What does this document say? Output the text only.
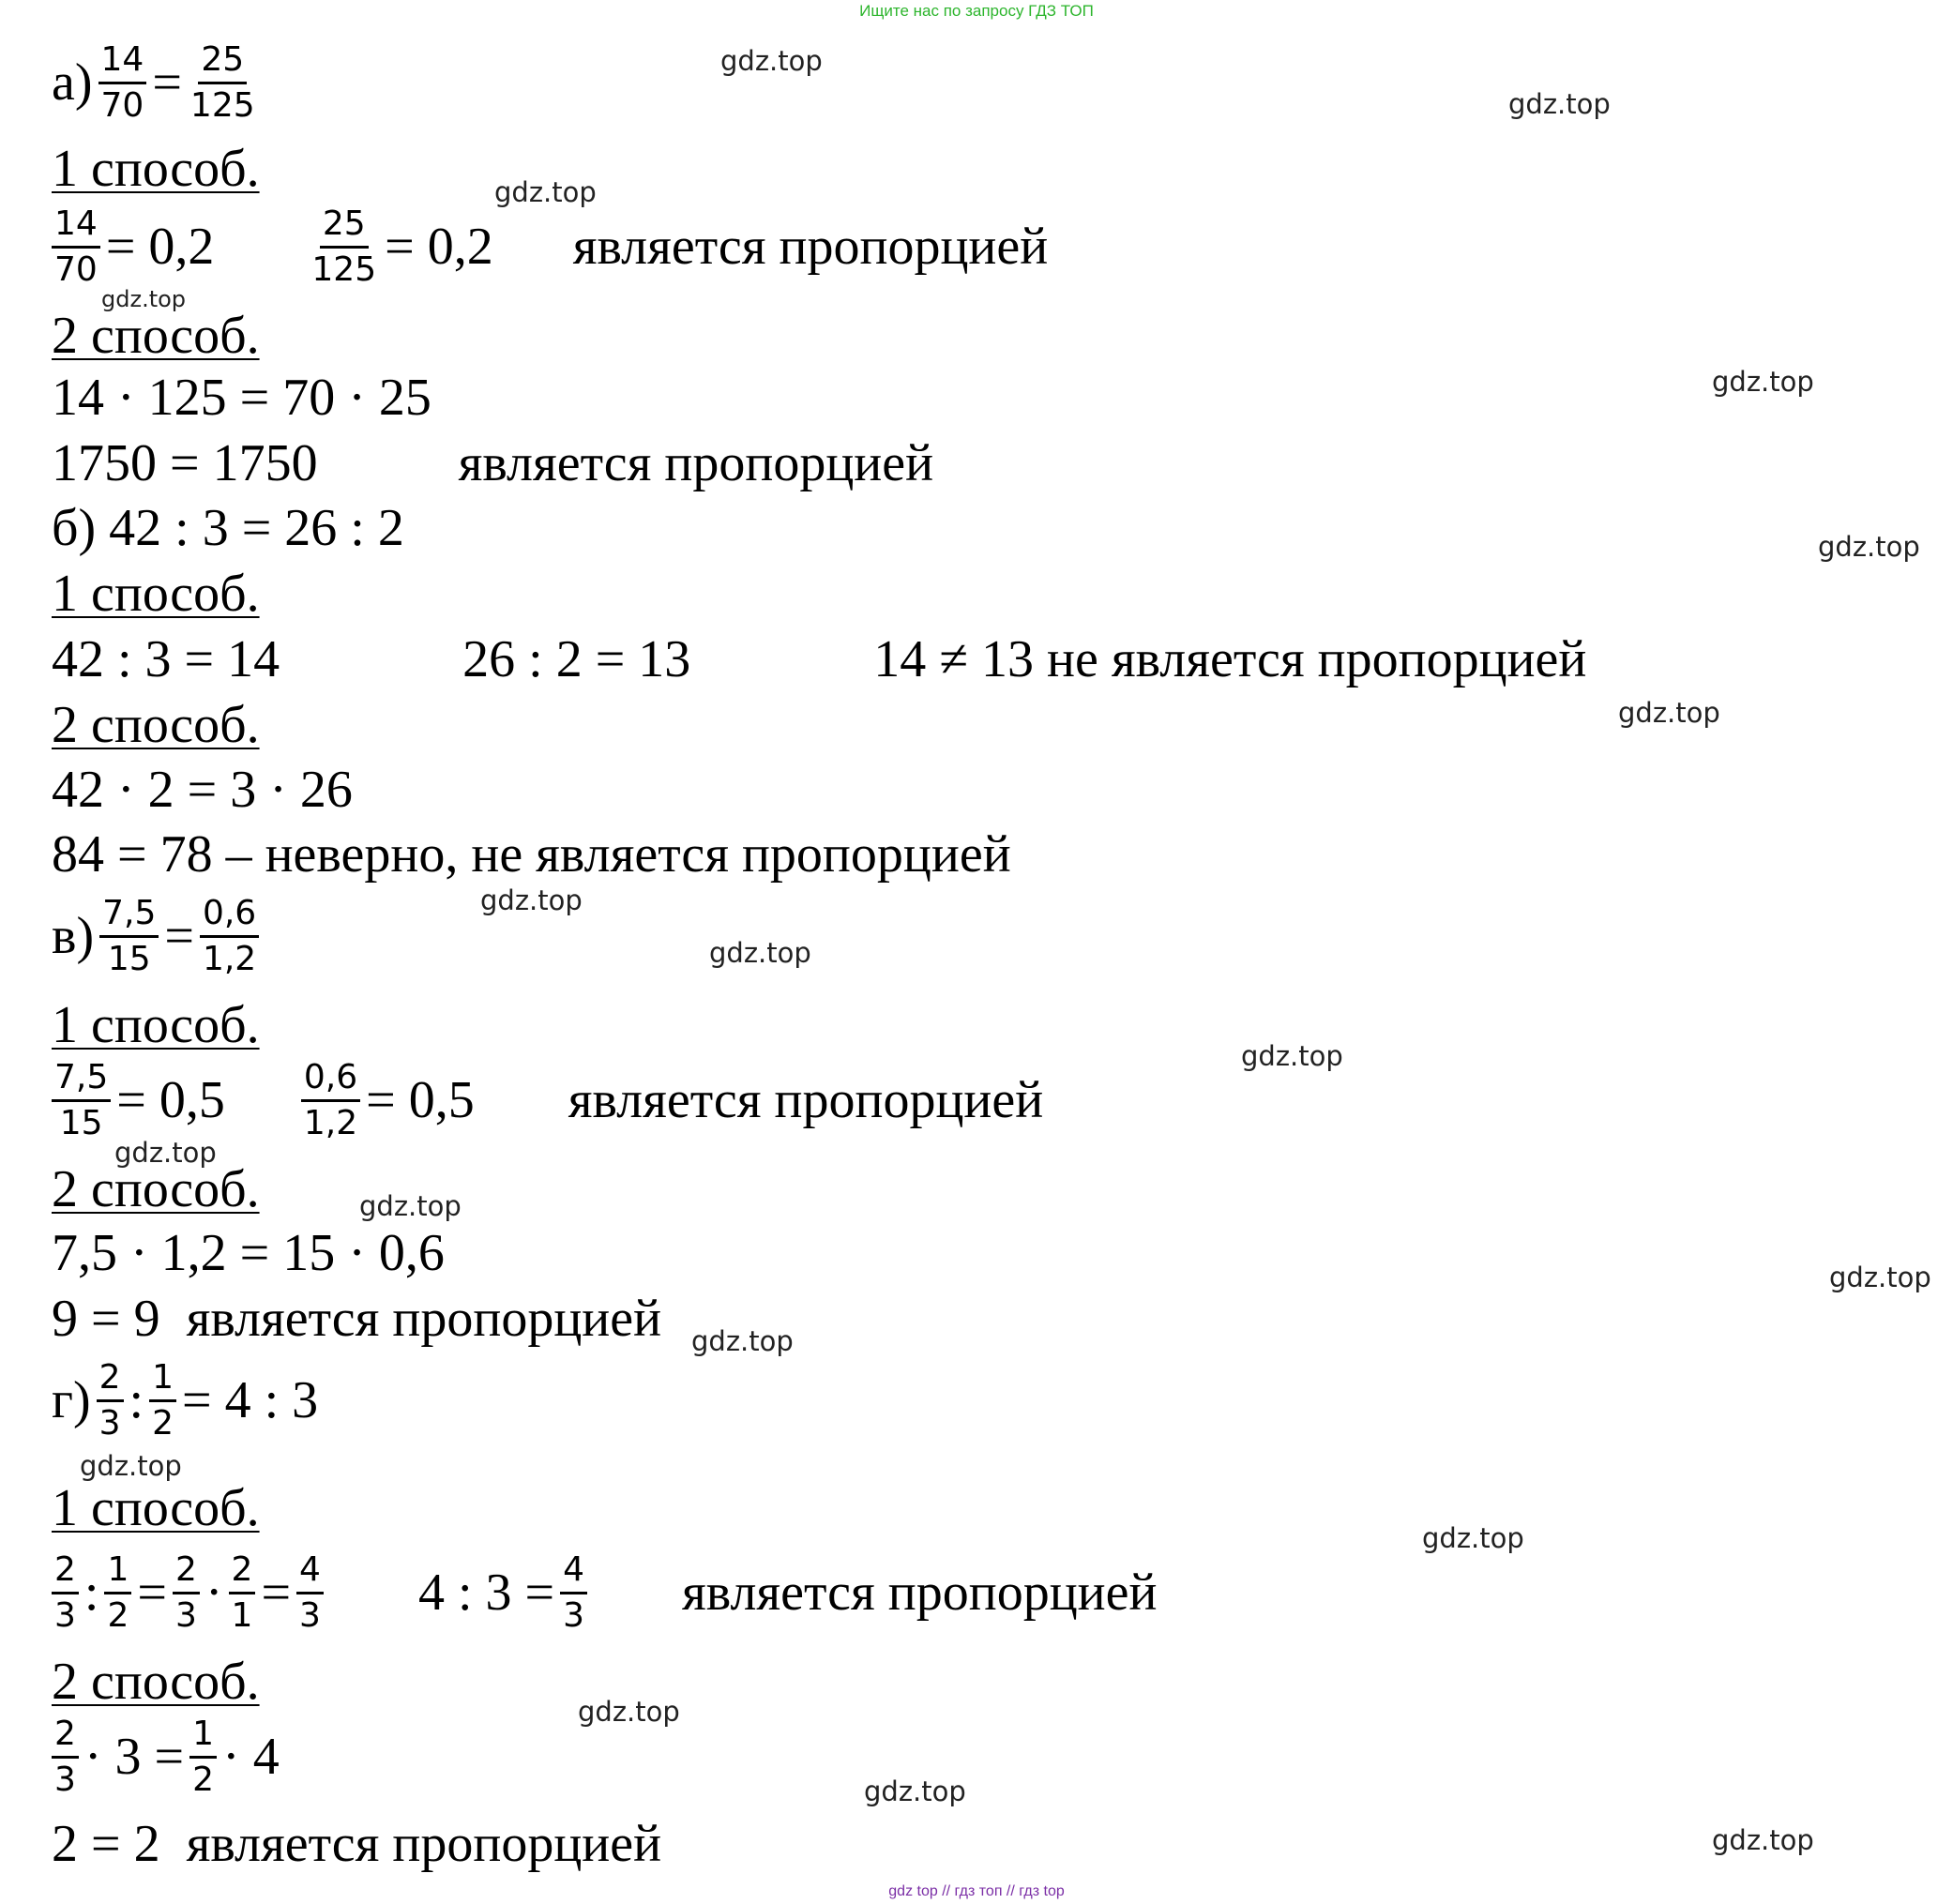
Ищите нас по запросу ГДЗ ТОП
$а) \frac{14}{70} = \frac{25}{125}$
1 способ.
$\frac{14}{70} = 0,2$	$\frac{25}{125} = 0,2$ является пропорцией
2 способ.
14 · 125 = 70 · 25
1750 = 1750	является пропорцией
б) 42 : 3 = 26 : 2
1 способ.
42 : 3 = 14	26 : 2 = 13	14 ≠ 13 не является пропорцией
2 способ.
42 · 2 = 3 · 26
84 = 78 – неверно, не является пропорцией
$в) \frac{7,5}{15} = \frac{0,6}{1,2}$
1 способ.
$\frac{7,5}{15} = 0,5 \frac{0,6}{1,2} = 0,5$ является пропорцией
2 способ.
7,5 · 1,2 = 15 · 0,6
9 = 9 является пропорцией
$г) \frac{2}{3}$ : $\frac{1}{2} = 4$ : 3
1 способ.
$\frac{2}{3}$ : $\frac{1}{2} = \frac{2}{3} \cdot \frac{2}{1} = \frac{4}{3} 4$ : $3 = \frac{4}{3}$ является пропорцией
2 способ.
$\frac{2}{3} \cdot 3 = \frac{1}{2} \cdot 4$
2 = 2 является пропорцией
gdz.top
gdz.top
gdz.top
gdz.top
gdz.top
gdz.top
gdz.top
gdz.top
gdz.top
gdz.top
gdz.top
gdz.top
gdz.top
gdz.top
gdz.top
gdz.top
gdz.top
gdz.top
gdz.top
gdz top // гдз топ // гдз top
